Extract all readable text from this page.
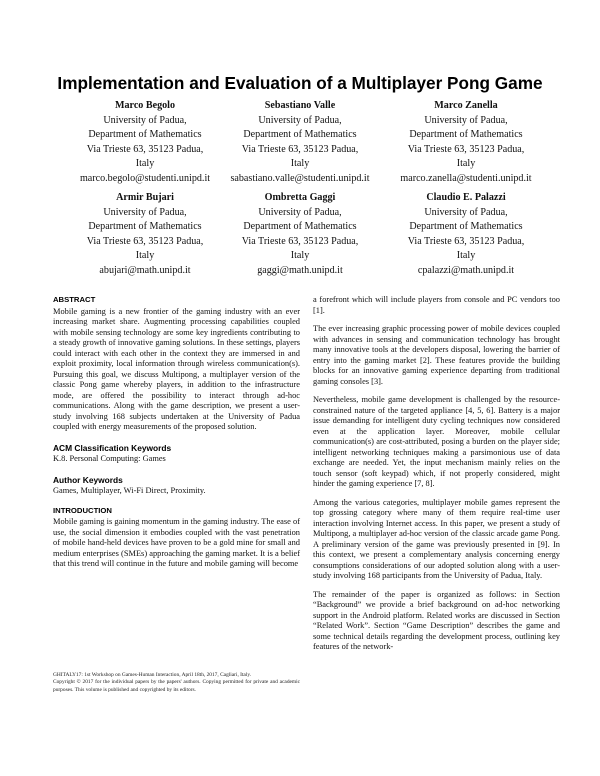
Implementation and Evaluation of a Multiplayer Pong Game
Marco Begolo
University of Padua,
Department of Mathematics
Via Trieste 63, 35123 Padua,
Italy
marco.begolo@studenti.unipd.it
Sebastiano Valle
University of Padua,
Department of Mathematics
Via Trieste 63, 35123 Padua,
Italy
sabastiano.valle@studenti.unipd.it
Marco Zanella
University of Padua,
Department of Mathematics
Via Trieste 63, 35123 Padua,
Italy
marco.zanella@studenti.unipd.it
Armir Bujari
University of Padua,
Department of Mathematics
Via Trieste 63, 35123 Padua,
Italy
abujari@math.unipd.it
Ombretta Gaggi
University of Padua,
Department of Mathematics
Via Trieste 63, 35123 Padua,
Italy
gaggi@math.unipd.it
Claudio E. Palazzi
University of Padua,
Department of Mathematics
Via Trieste 63, 35123 Padua,
Italy
cpalazzi@math.unipd.it
ABSTRACT

Mobile gaming is a new frontier of the gaming industry with an ever increasing market share. Augmenting processing capabilities coupled with mobile sensing technology are some key ingredients contributing to a steady growth of innovative gaming solutions. In these settings, players could interact with each other in the context they are immersed in and exploit proximity, local information through wireless communication(s). Pursuing this goal, we discuss Multipong, a multiplayer version of the classic Pong game whereby players, in addition to the infrastructure mode, are offered the possibility to interact through ad-hoc communications. Along with the game description, we present a user-study involving 168 subjects undertaken at the University of Padua coupled with energy measurements of the proposed solution.

ACM Classification Keywords

K.8. Personal Computing: Games

Author Keywords

Games, Multiplayer, Wi-Fi Direct, Proximity.

INTRODUCTION

Mobile gaming is gaining momentum in the gaming industry. The ease of use, the social dimension it embodies coupled with the vast penetration of mobile hand-held devices have proven to be a gold mine for small and medium enterprises (SMEs) approaching the gaming market. It is a belief that this trend will continue in the future and mobile gaming will become

GHITALY17: 1st Workshop on Games-Human Interaction, April 18th, 2017, Cagliari, Italy.
Copyright © 2017 for the individual papers by the papers' authors. Copying permitted for private and academic purposes. This volume is published and copyrighted by its editors.

a forefront which will include players from console and PC vendors too [1].

The ever increasing graphic processing power of mobile devices coupled with advances in sensing and communication technology has brought many innovative tools at the developers disposal, lowering the barrier of entry into the gaming market [2]. These features provide the building blocks for an innovative gaming experience departing from traditional gaming consoles [3].

Nevertheless, mobile game development is challenged by the resource-constrained nature of the targeted appliance [4, 5, 6]. Battery is a major issue demanding for intelligent duty cycling techniques now considered even at the application layer. Moreover, mobile cellular communication(s) are cost-attributed, posing a burden on the player side; intelligent networking techniques making a parsimonious use of data exchange are needed. Yet, the input mechanism mainly relies on the touch sensor (soft keypad) which, if not properly considered, might hinder the gaming experience [7, 8].

Among the various categories, multiplayer mobile games represent the top grossing category where many of them require real-time user interaction involving Internet access. In this paper, we present a study of Multipong, a multiplayer ad-hoc version of the classic arcade game Pong. A preliminary version of the game was previously presented in [9]. In this context, we present a complementary analysis concerning energy consumptions considerations of our adopted solution along with a user-study involving 168 participants from the University of Padua, Italy.

The remainder of the paper is organized as follows: in Section “Background” we provide a brief background on ad-hoc networking support in the Android platform. Related works are discussed in Section “Related Work”. Section “Game Description” describes the game and some technical details regarding the development process, outlining key features of the network-
